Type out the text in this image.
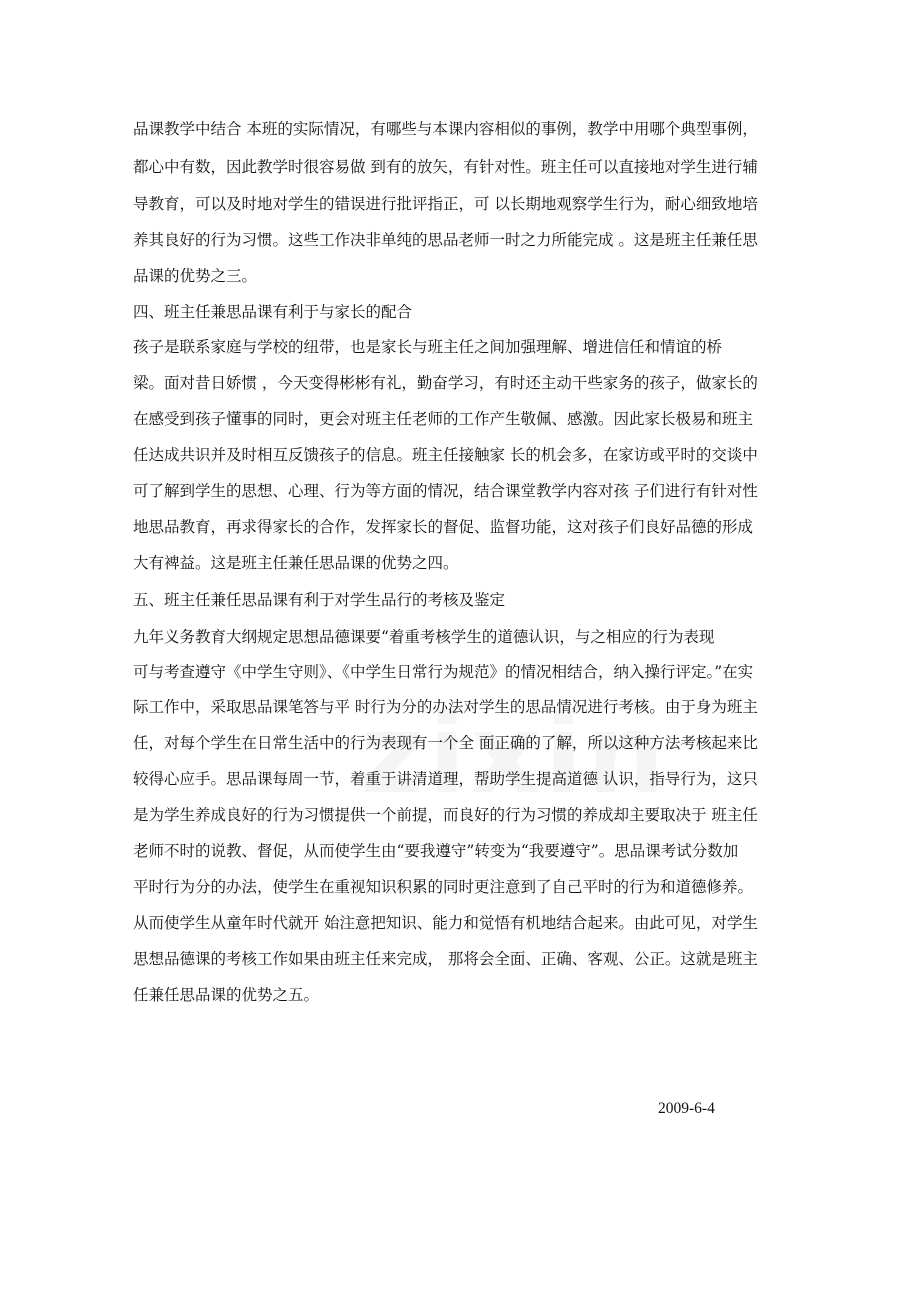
品课教学中结合 本班的实际情况，有哪些与本课内容相似的事例，教学中用哪个典型事例，
都心中有数，因此教学时很容易做 到有的放矢，有针对性。班主任可以直接地对学生进行辅
导教育，可以及时地对学生的错误进行批评指正，可 以长期地观察学生行为，耐心细致地培
养其良好的行为习惯。这些工作决非单纯的思品老师一时之力所能完成 。这是班主任兼任思
品课的优势之三。
四、班主任兼思品课有利于与家长的配合
孩子是联系家庭与学校的纽带，也是家长与班主任之间加强理解、增进信任和情谊的桥
梁。面对昔日娇惯 ，今天变得彬彬有礼，勤奋学习，有时还主动干些家务的孩子，做家长的
在感受到孩子懂事的同时，更会对班主任老师的工作产生敬佩、感激。因此家长极易和班主
任达成共识并及时相互反馈孩子的信息。班主任接触家 长的机会多，在家访或平时的交谈中
可了解到学生的思想、心理、行为等方面的情况，结合课堂教学内容对孩 子们进行有针对性
地思品教育，再求得家长的合作，发挥家长的督促、监督功能，这对孩子们良好品德的形成
大有裨益。这是班主任兼任思品课的优势之四。
五、班主任兼任思品课有利于对学生品行的考核及鉴定
九年义务教育大纲规定思想品德课要“着重考核学生的道德认识，与之相应的行为表现
可与考查遵守《中学生守则》、《中学生日常行为规范》的情况相结合，纳入操行评定。”在实
际工作中，采取思品课笔答与平 时行为分的办法对学生的思品情况进行考核。由于身为班主
任，对每个学生在日常生活中的行为表现有一个全 面正确的了解，所以这种方法考核起来比
较得心应手。思品课每周一节，着重于讲清道理，帮助学生提高道德 认识，指导行为，这只
是为学生养成良好的行为习惯提供一个前提，而良好的行为习惯的养成却主要取决于 班主任
老师不时的说教、督促，从而使学生由“要我遵守”转变为“我要遵守”。思品课考试分数加
平时行为分的办法，使学生在重视知识积累的同时更注意到了自己平时的行为和道德修养。
从而使学生从童年时代就开 始注意把知识、能力和觉悟有机地结合起来。由此可见，对学生
思想品德课的考核工作如果由班主任来完成， 那将会全面、正确、客观、公正。这就是班主
任兼任思品课的优势之五。
2009-6-4
